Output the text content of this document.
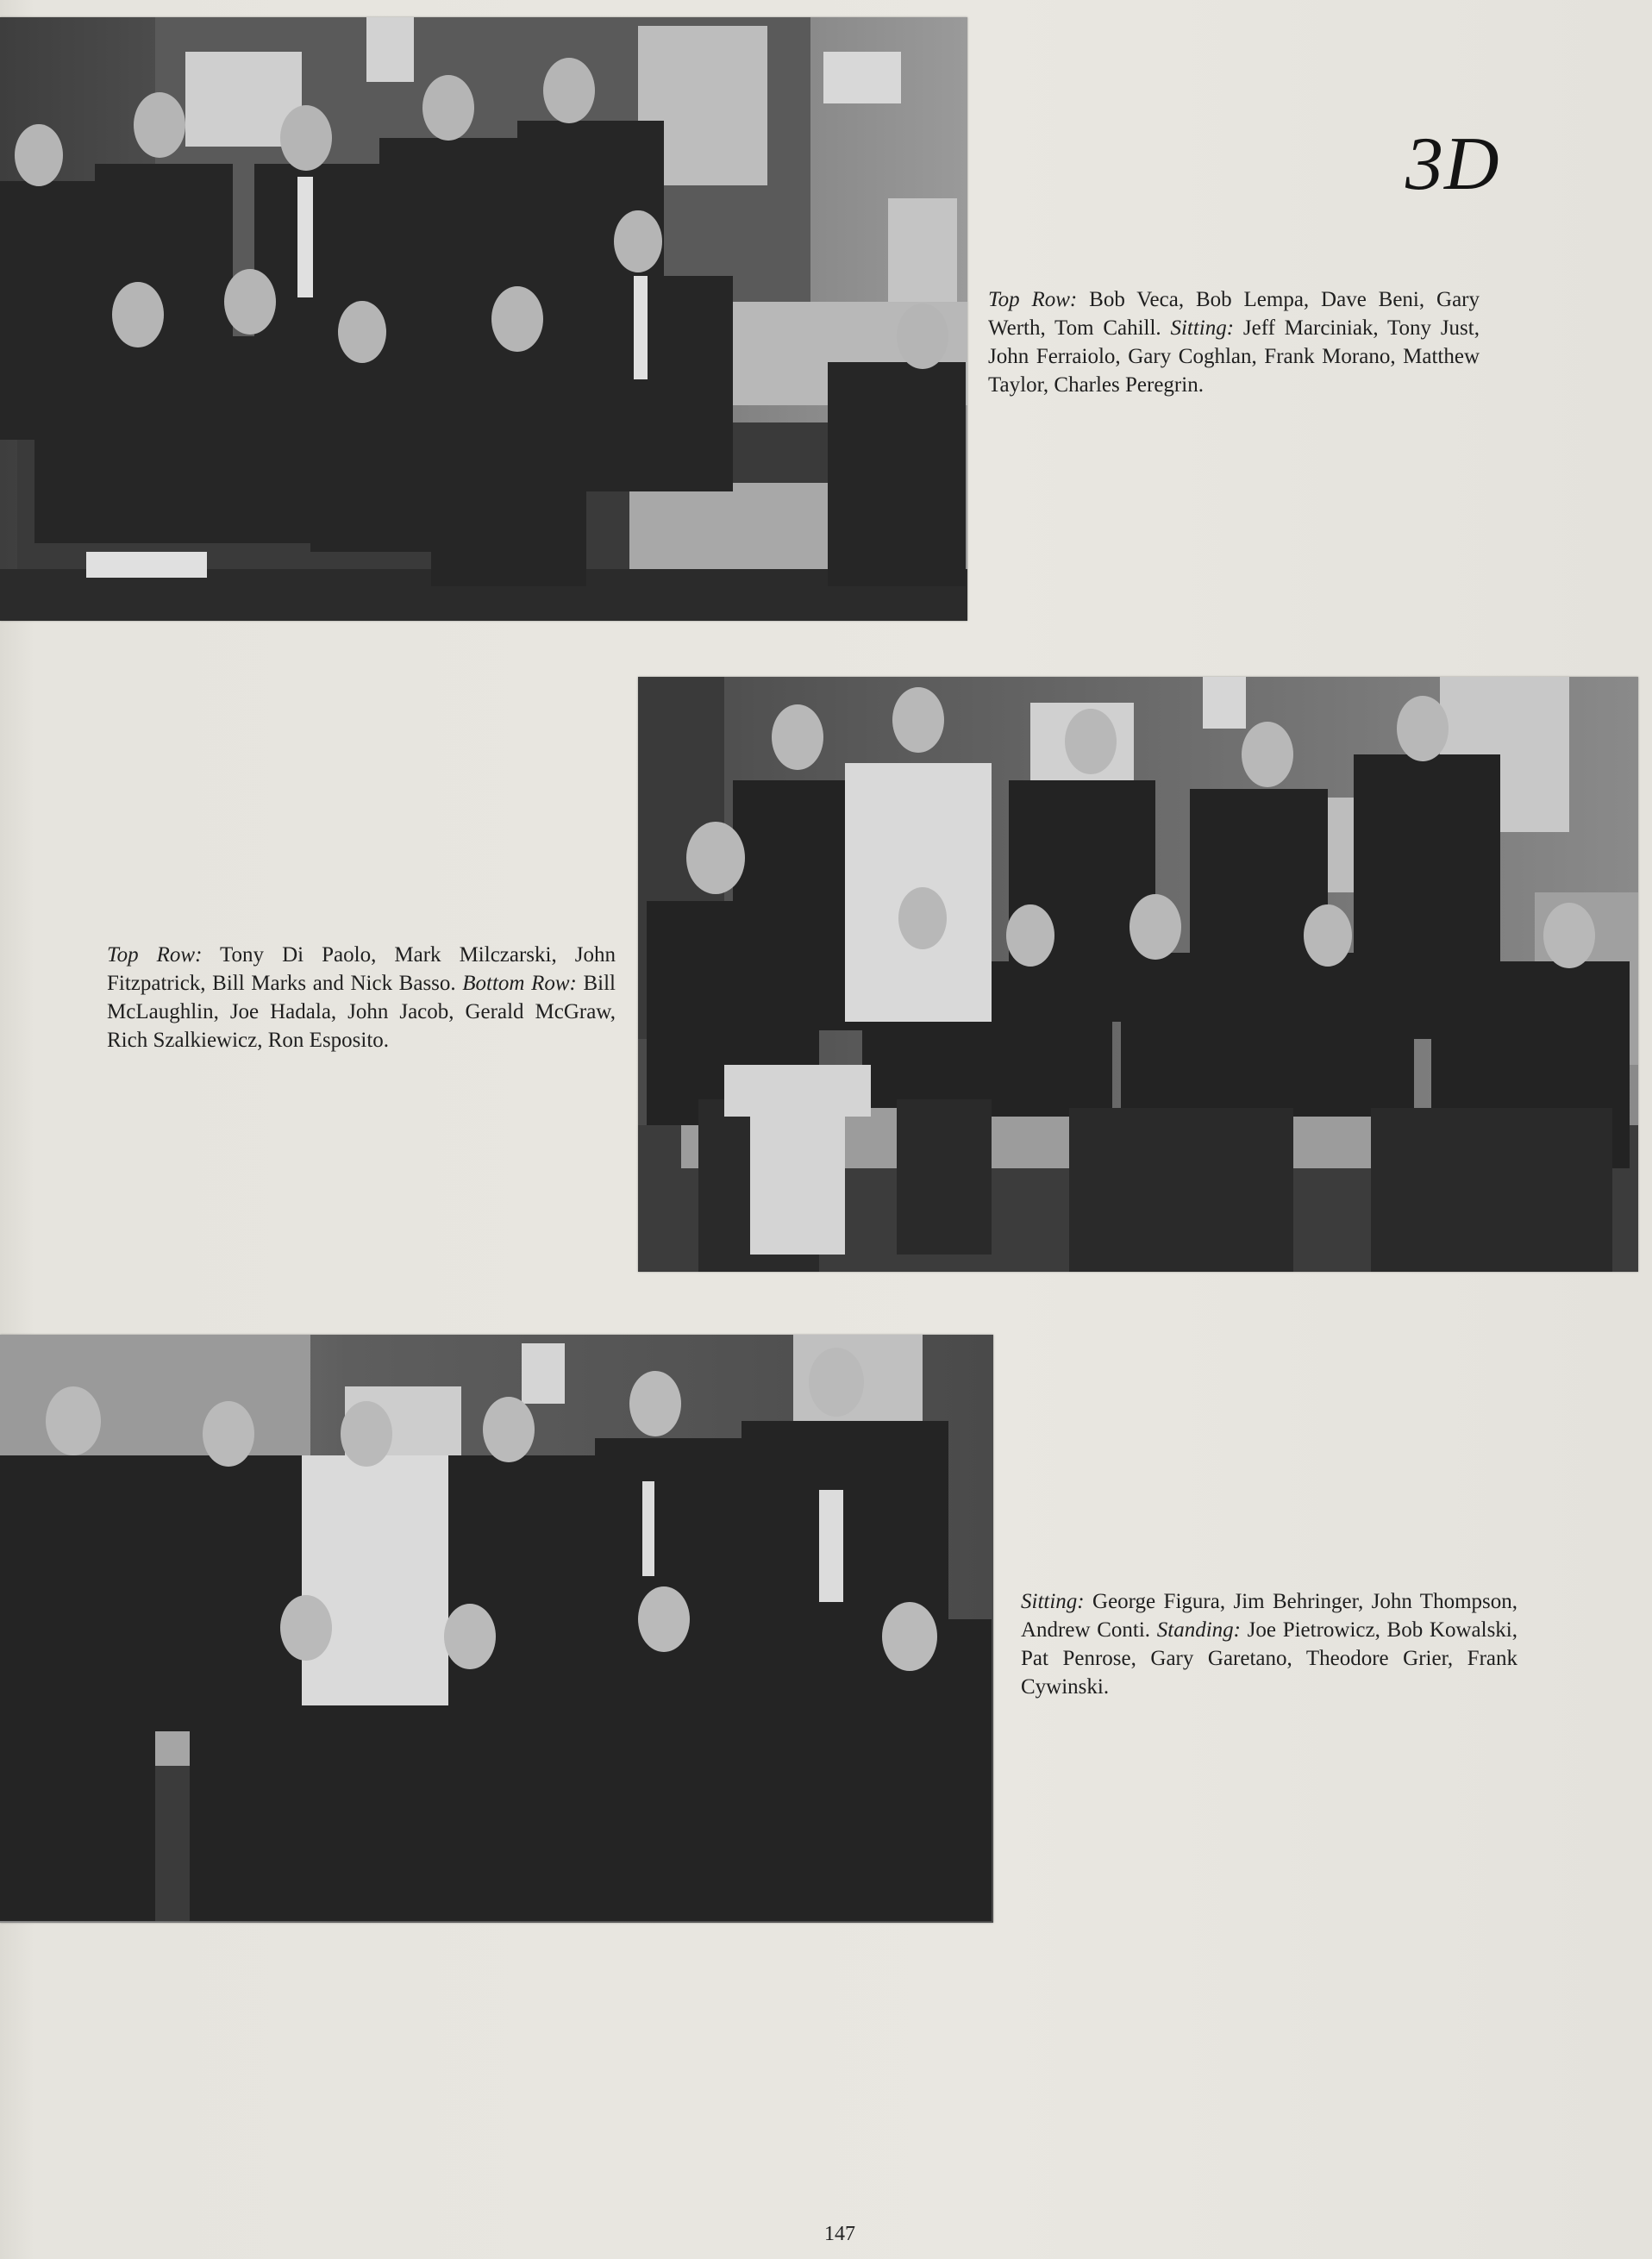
3D

Top Row: Bob Veca, Bob Lempa, Dave Beni, Gary Werth, Tom Cahill. Sitting: Jeff Marciniak, Tony Just, John Ferraiolo, Gary Coghlan, Frank Morano, Matthew Taylor, Charles Peregrin.

Top Row: Tony Di Paolo, Mark Milczarski, John Fitzpatrick, Bill Marks and Nick Basso. Bottom Row: Bill McLaughlin, Joe Hadala, John Jacob, Gerald McGraw, Rich Szalkiewicz, Ron Esposito.

Sitting: George Figura, Jim Behringer, John Thompson, Andrew Conti. Standing: Joe Pietrowicz, Bob Kowalski, Pat Penrose, Gary Garetano, Theodore Grier, Frank Cywinski.

147
